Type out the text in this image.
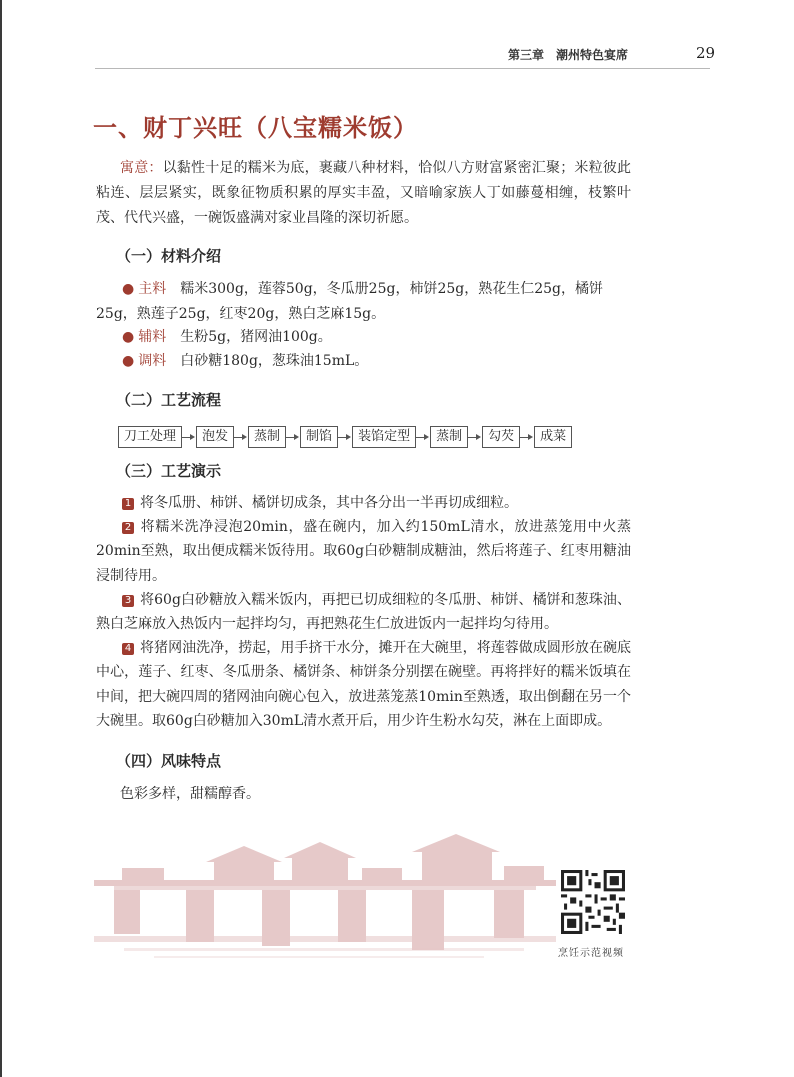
第三章　潮州特色宴席	29
一、财丁兴旺（八宝糯米饭）
寓意：以黏性十足的糯米为底，裹藏八种材料，恰似八方财富紧密汇聚；米粒彼此粘连、层层紧实，既象征物质积累的厚实丰盈，又暗喻家族人丁如藤蔓相缠，枝繁叶茂、代代兴盛，一碗饭盛满对家业昌隆的深切祈愿。
（一）材料介绍
● 主料 糯米300g，莲蓉50g，冬瓜册25g，柿饼25g，熟花生仁25g，橘饼25g，熟莲子25g，红枣20g，熟白芝麻15g。
● 辅料 生粉5g，猪网油100g。
● 调料 白砂糖180g，葱珠油15mL。
（二）工艺流程
刀工处理	泡发	蒸制	制馅	装馅定型	蒸制	勾芡	成菜
（三）工艺演示

1 将冬瓜册、柿饼、橘饼切成条，其中各分出一半再切成细粒。

2 将糯米洗净浸泡20min，盛在碗内，加入约150mL清水，放进蒸笼用中火蒸20min至熟，取出便成糯米饭待用。取60g白砂糖制成糖油，然后将莲子、红枣用糖油浸制待用。

3 将60g白砂糖放入糯米饭内，再把已切成细粒的冬瓜册、柿饼、橘饼和葱珠油、熟白芝麻放入热饭内一起拌均匀，再把熟花生仁放进饭内一起拌均匀待用。

4 将猪网油洗净，捞起，用手挤干水分，摊开在大碗里，将莲蓉做成圆形放在碗底中心，莲子、红枣、冬瓜册条、橘饼条、柿饼条分别摆在碗壁。再将拌好的糯米饭填在中间，把大碗四周的猪网油向碗心包入，放进蒸笼蒸10min至熟透，取出倒翻在另一个大碗里。取60g白砂糖加入30mL清水煮开后，用少许生粉水勾芡，淋在上面即成。

（四）风味特点
色彩多样，甜糯醇香。
烹饪示范视频
